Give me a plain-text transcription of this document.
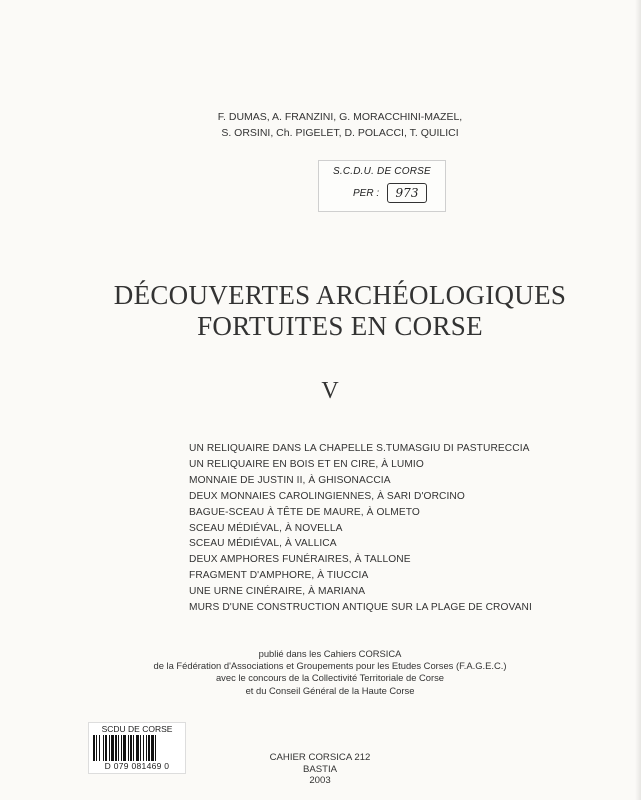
F. DUMAS, A. FRANZINI, G. MORACCHINI-MAZEL,
S. ORSINI, Ch. PIGELET, D. POLACCI, T. QUILICI
S.C.D.U. DE CORSE
PER :	973
DÉCOUVERTES ARCHÉOLOGIQUES
FORTUITES EN CORSE
V
UN RELIQUAIRE DANS LA CHAPELLE S.TUMASGIU DI PASTURECCIA
UN RELIQUAIRE EN BOIS ET EN CIRE, À LUMIO
MONNAIE DE JUSTIN II, À GHISONACCIA
DEUX MONNAIES CAROLINGIENNES, À SARI D'ORCINO
BAGUE-SCEAU À TÊTE DE MAURE, À OLMETO
SCEAU MÉDIÉVAL, À NOVELLA
SCEAU MÉDIÉVAL, À VALLICA
DEUX AMPHORES FUNÉRAIRES, À TALLONE
FRAGMENT D'AMPHORE, À TIUCCIA
UNE URNE CINÉRAIRE, À MARIANA
MURS D'UNE CONSTRUCTION ANTIQUE SUR LA PLAGE DE CROVANI
publié dans les Cahiers CORSICA
de la Fédération d'Associations et Groupements pour les Etudes Corses (F.A.G.E.C.)
avec le concours de la Collectivité Territoriale de Corse
et du Conseil Général de la Haute Corse
SCDU DE CORSE
D 079 081469 0
CAHIER CORSICA 212
BASTIA
2003
